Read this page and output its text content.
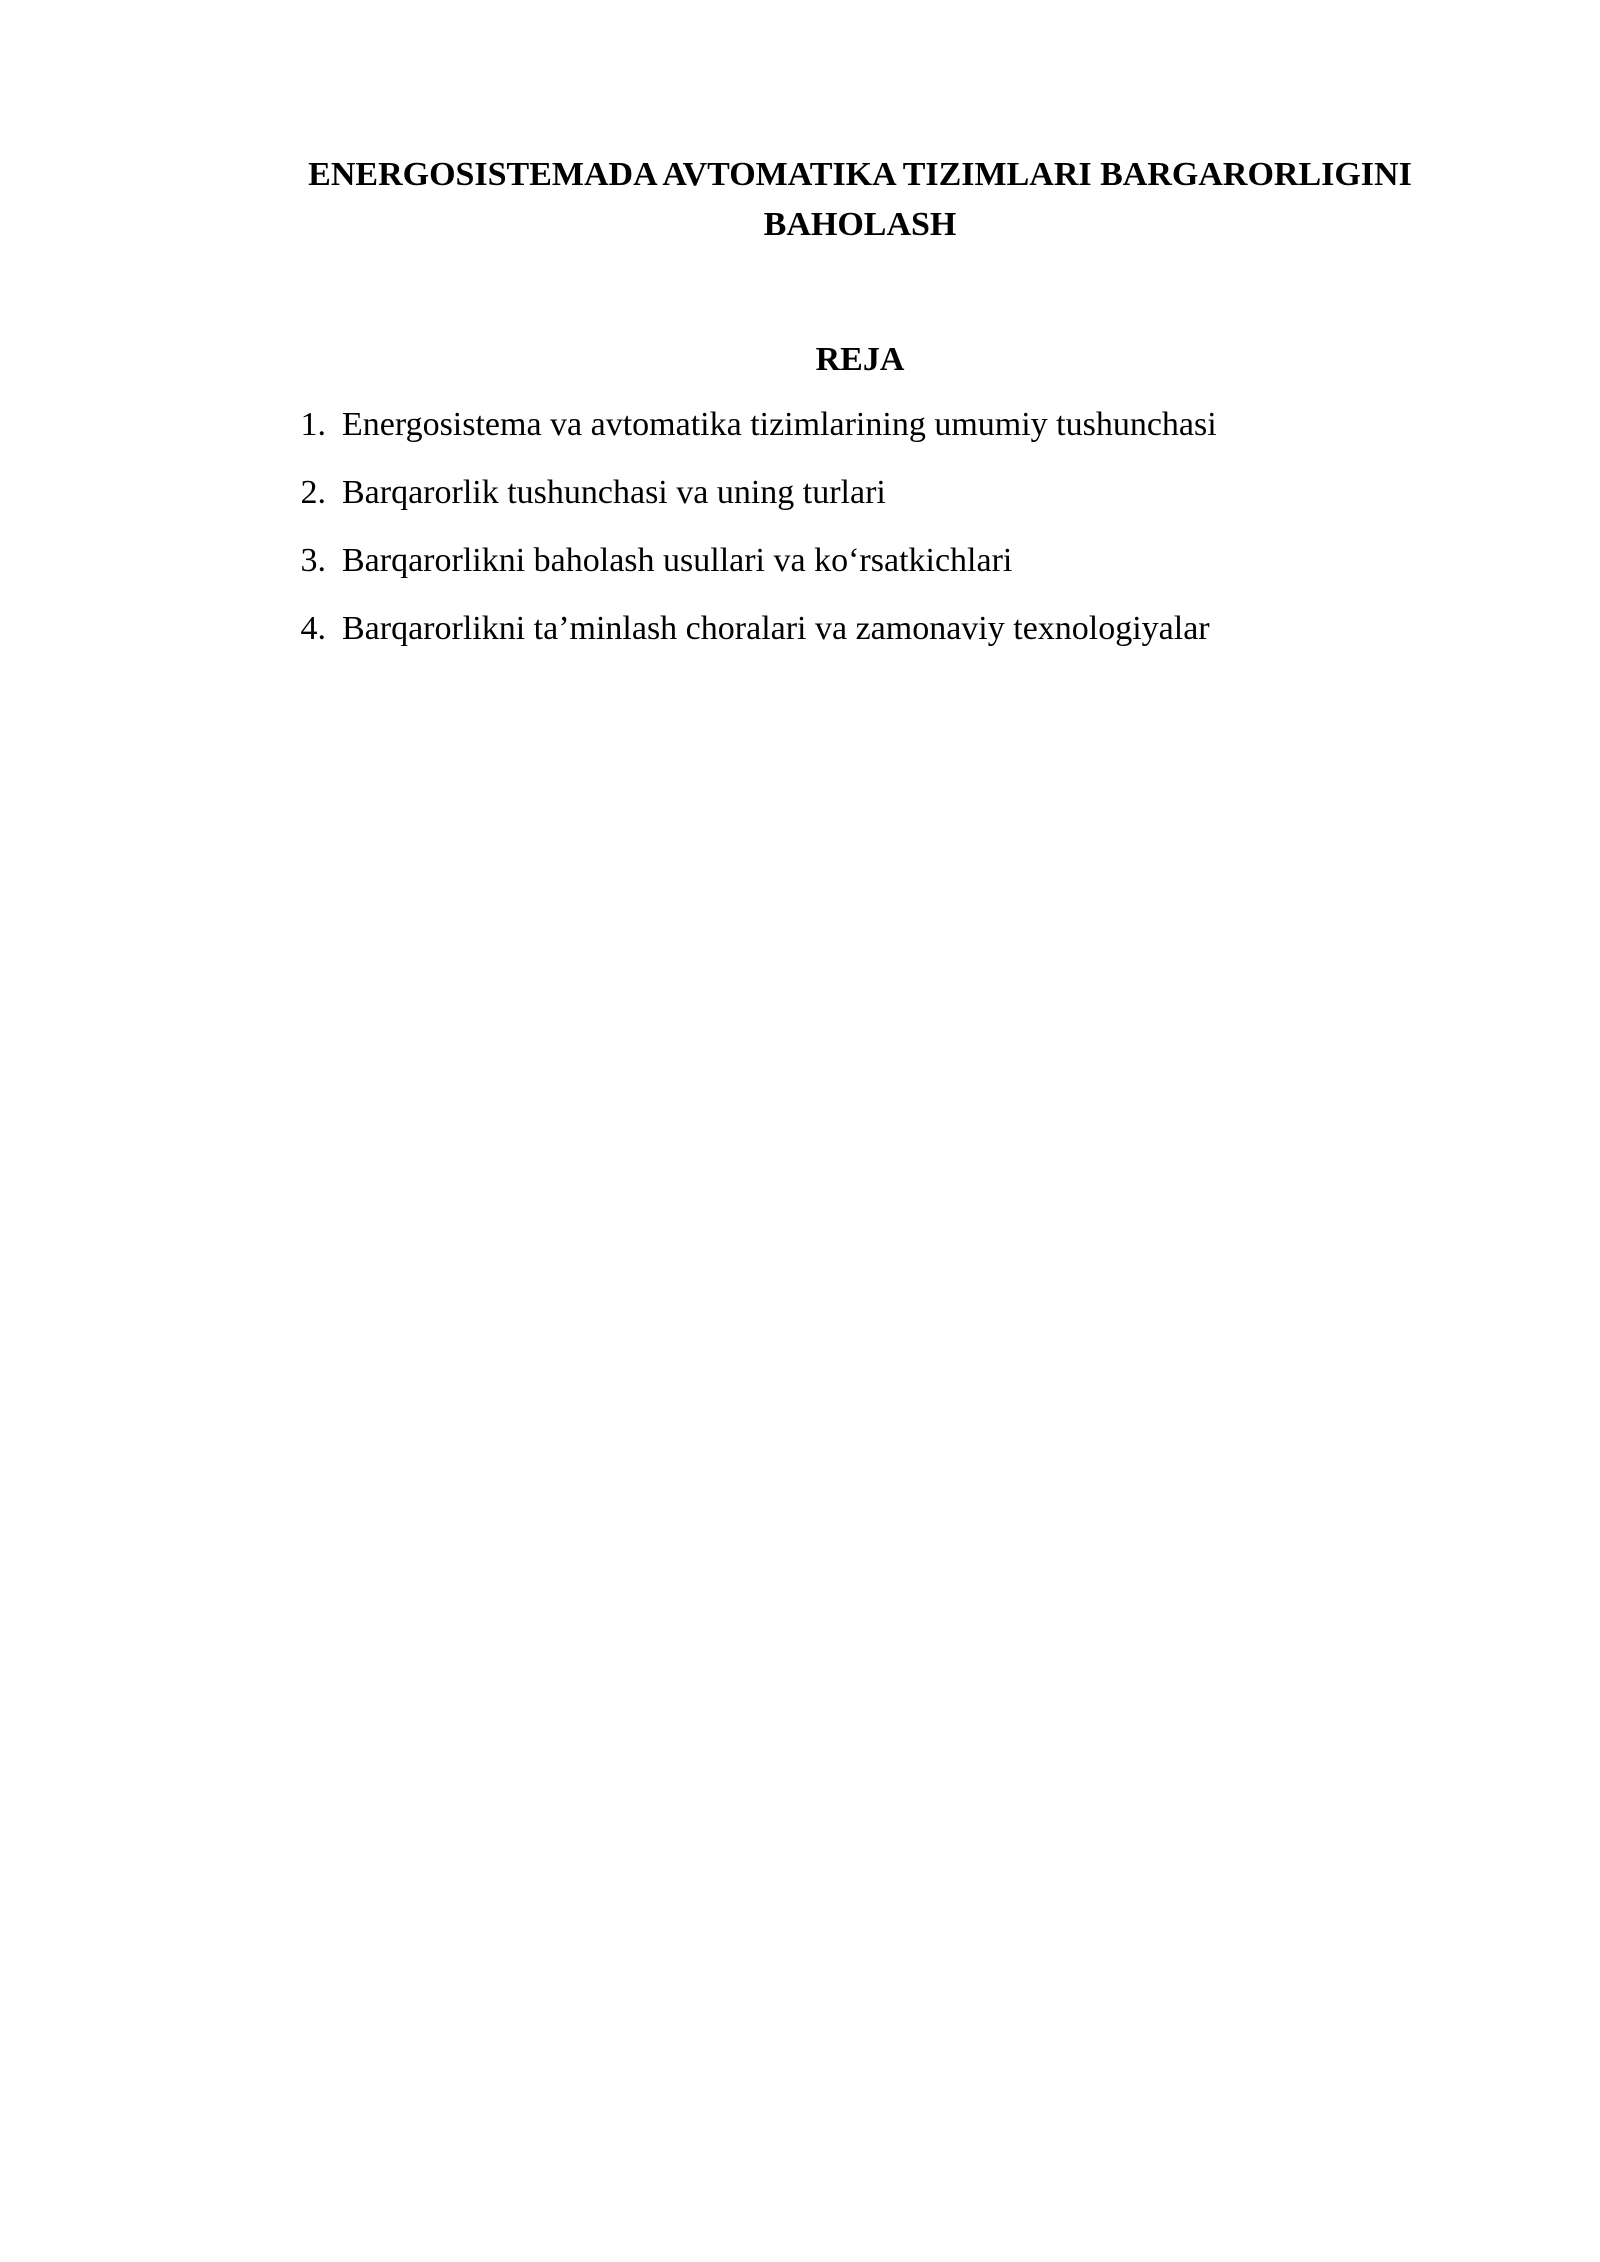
ENERGOSISTEMADA AVTOMATIKA TIZIMLARI BARGARORLIGINI
BAHOLASH
REJA
1. Energosistema va avtomatika tizimlarining umumiy tushunchasi
2. Barqarorlik tushunchasi va uning turlari
3. Barqarorlikni baholash usullari va ko‘rsatkichlari
4. Barqarorlikni ta’minlash choralari va zamonaviy texnologiyalar
